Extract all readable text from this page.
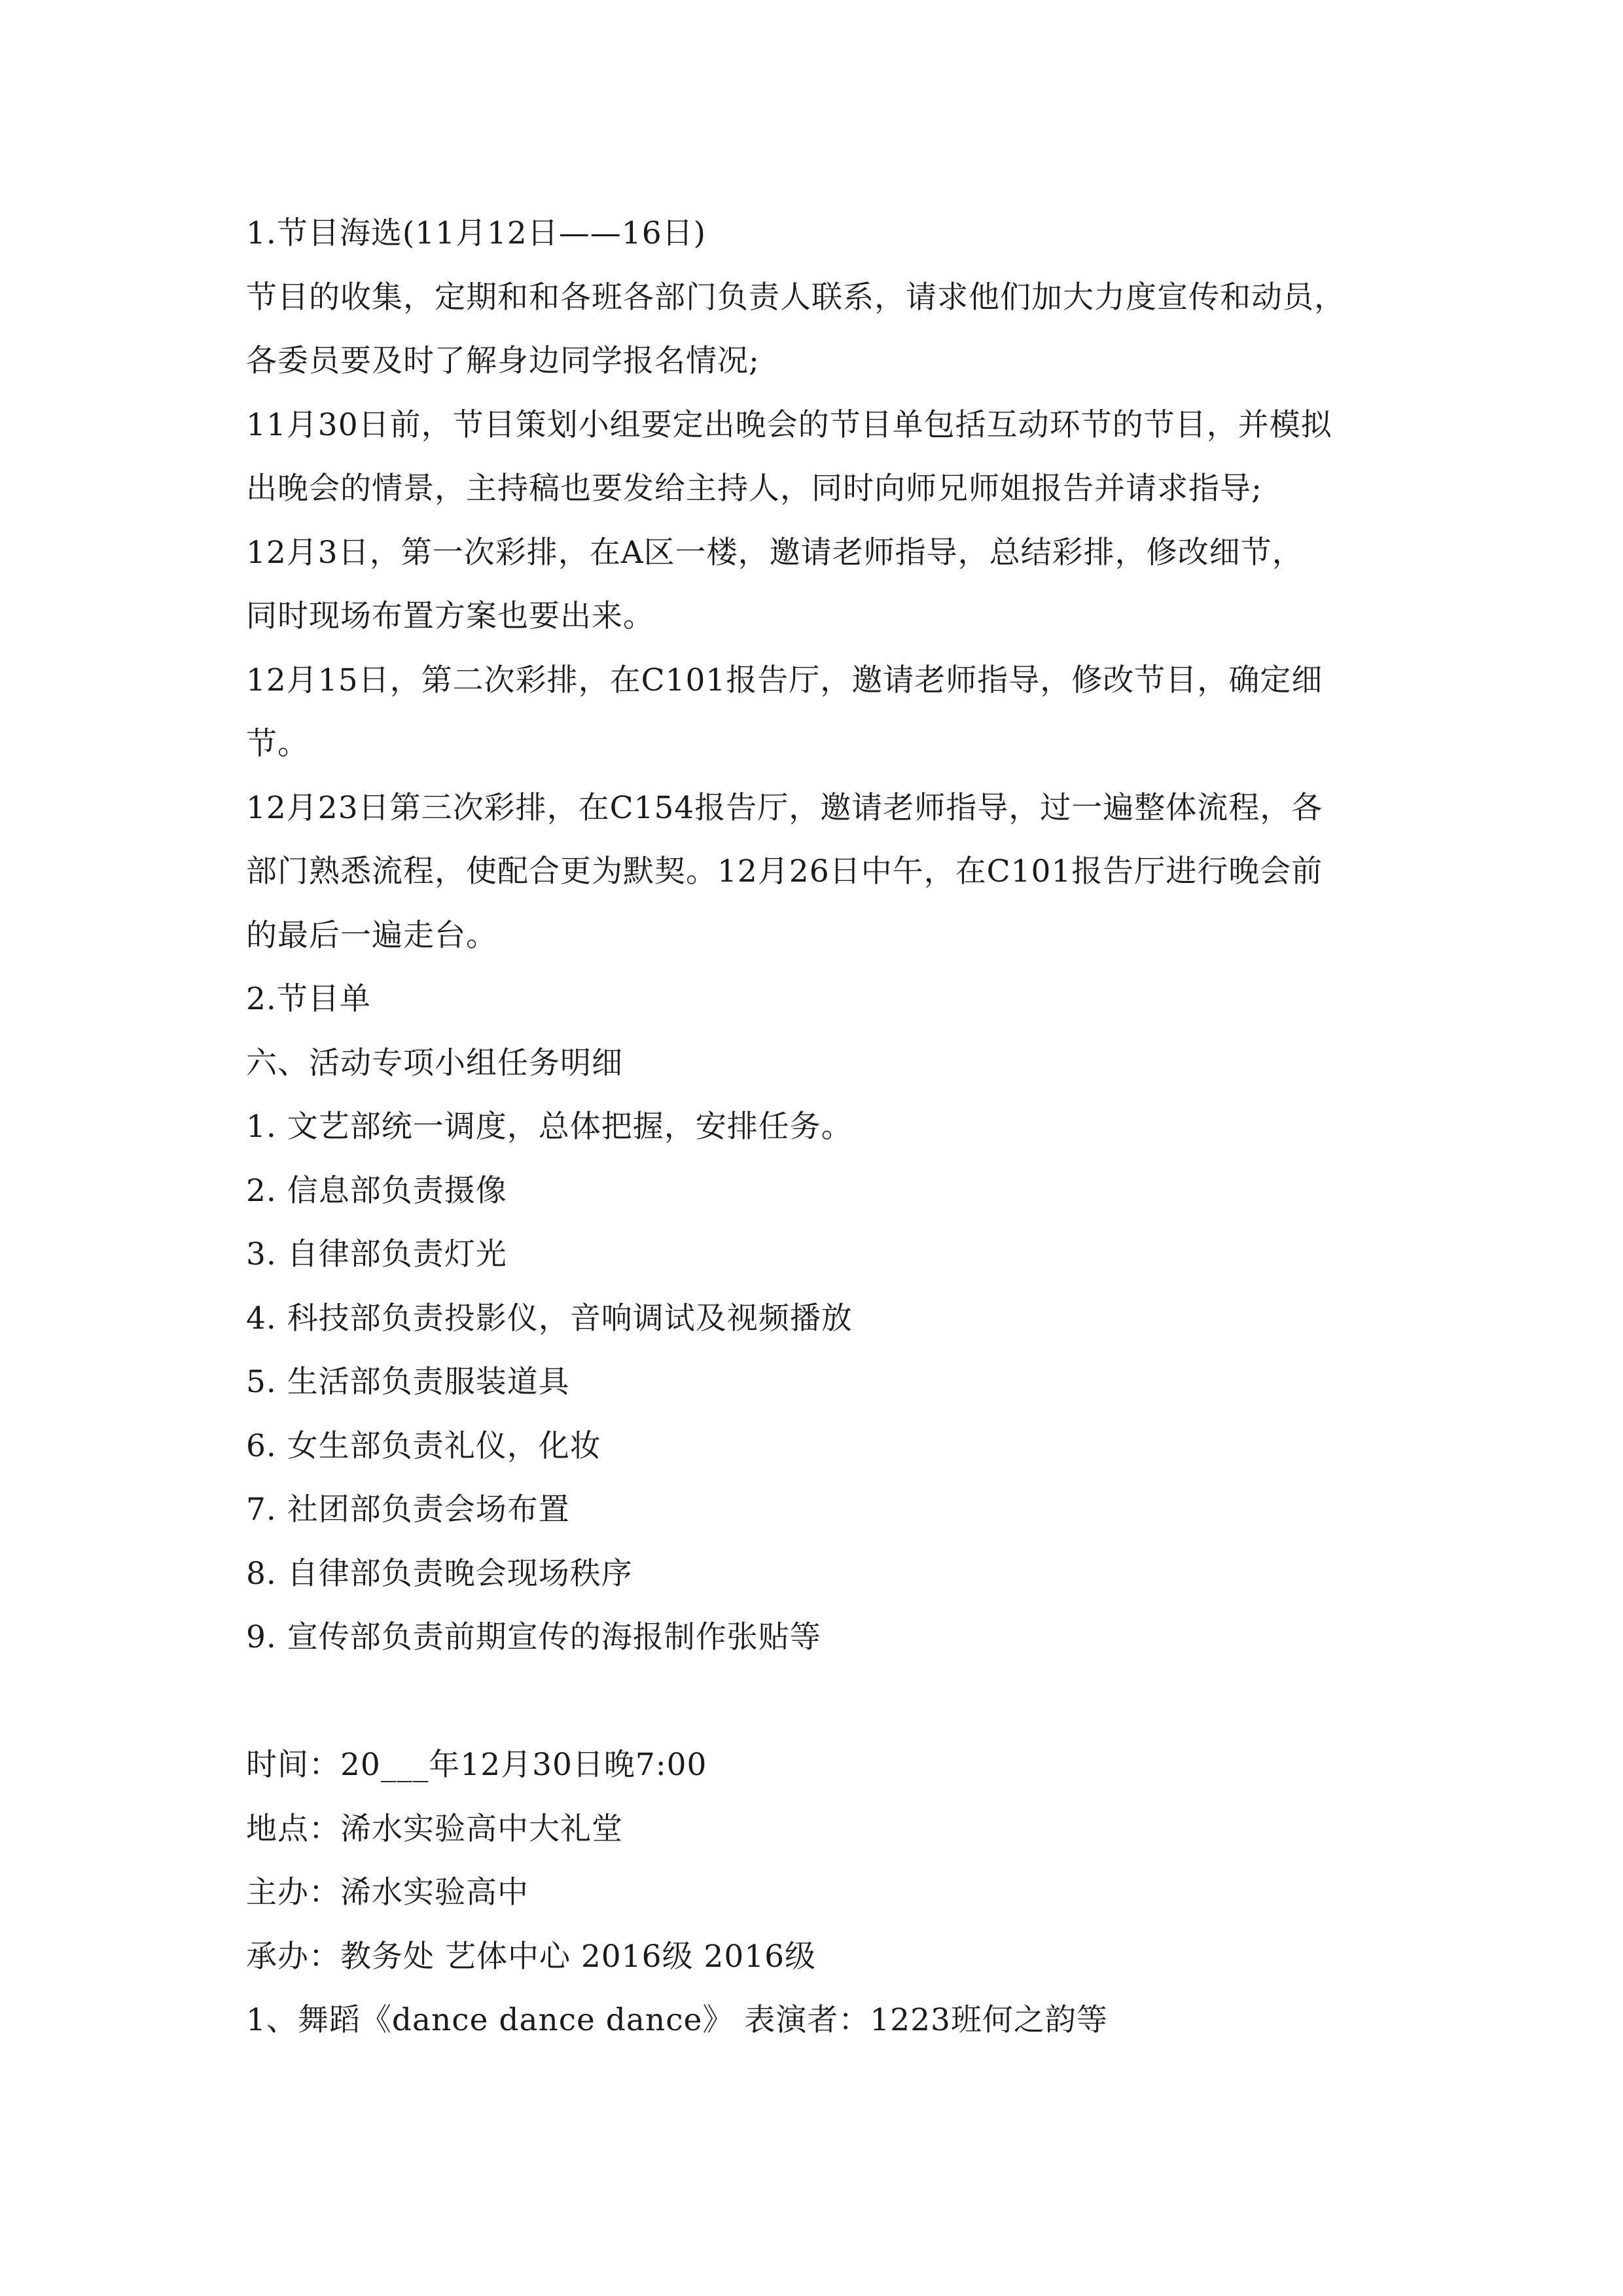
1.节目海选(11月12日——16日)
节目的收集，定期和和各班各部门负责人联系，请求他们加大力度宣传和动员，
各委员要及时了解身边同学报名情况;
11月30日前，节目策划小组要定出晚会的节目单包括互动环节的节目，并模拟
出晚会的情景，主持稿也要发给主持人，同时向师兄师姐报告并请求指导;
12月3日，第一次彩排，在A区一楼，邀请老师指导，总结彩排，修改细节，
同时现场布置方案也要出来。
12月15日，第二次彩排，在C101报告厅，邀请老师指导，修改节目，确定细
节。
12月23日第三次彩排，在C154报告厅，邀请老师指导，过一遍整体流程，各
部门熟悉流程，使配合更为默契。12月26日中午，在C101报告厅进行晚会前
的最后一遍走台。
2.节目单
六、活动专项小组任务明细
1. 文艺部统一调度，总体把握，安排任务。
2. 信息部负责摄像
3. 自律部负责灯光
4. 科技部负责投影仪，音响调试及视频播放
5. 生活部负责服装道具
6. 女生部负责礼仪，化妆
7. 社团部负责会场布置
8. 自律部负责晚会现场秩序
9. 宣传部负责前期宣传的海报制作张贴等
时间：20___年12月30日晚7:00
地点：浠水实验高中大礼堂
主办：浠水实验高中
承办：教务处 艺体中心 2016级 2016级
1、舞蹈《dance dance dance》 表演者：1223班何之韵等
